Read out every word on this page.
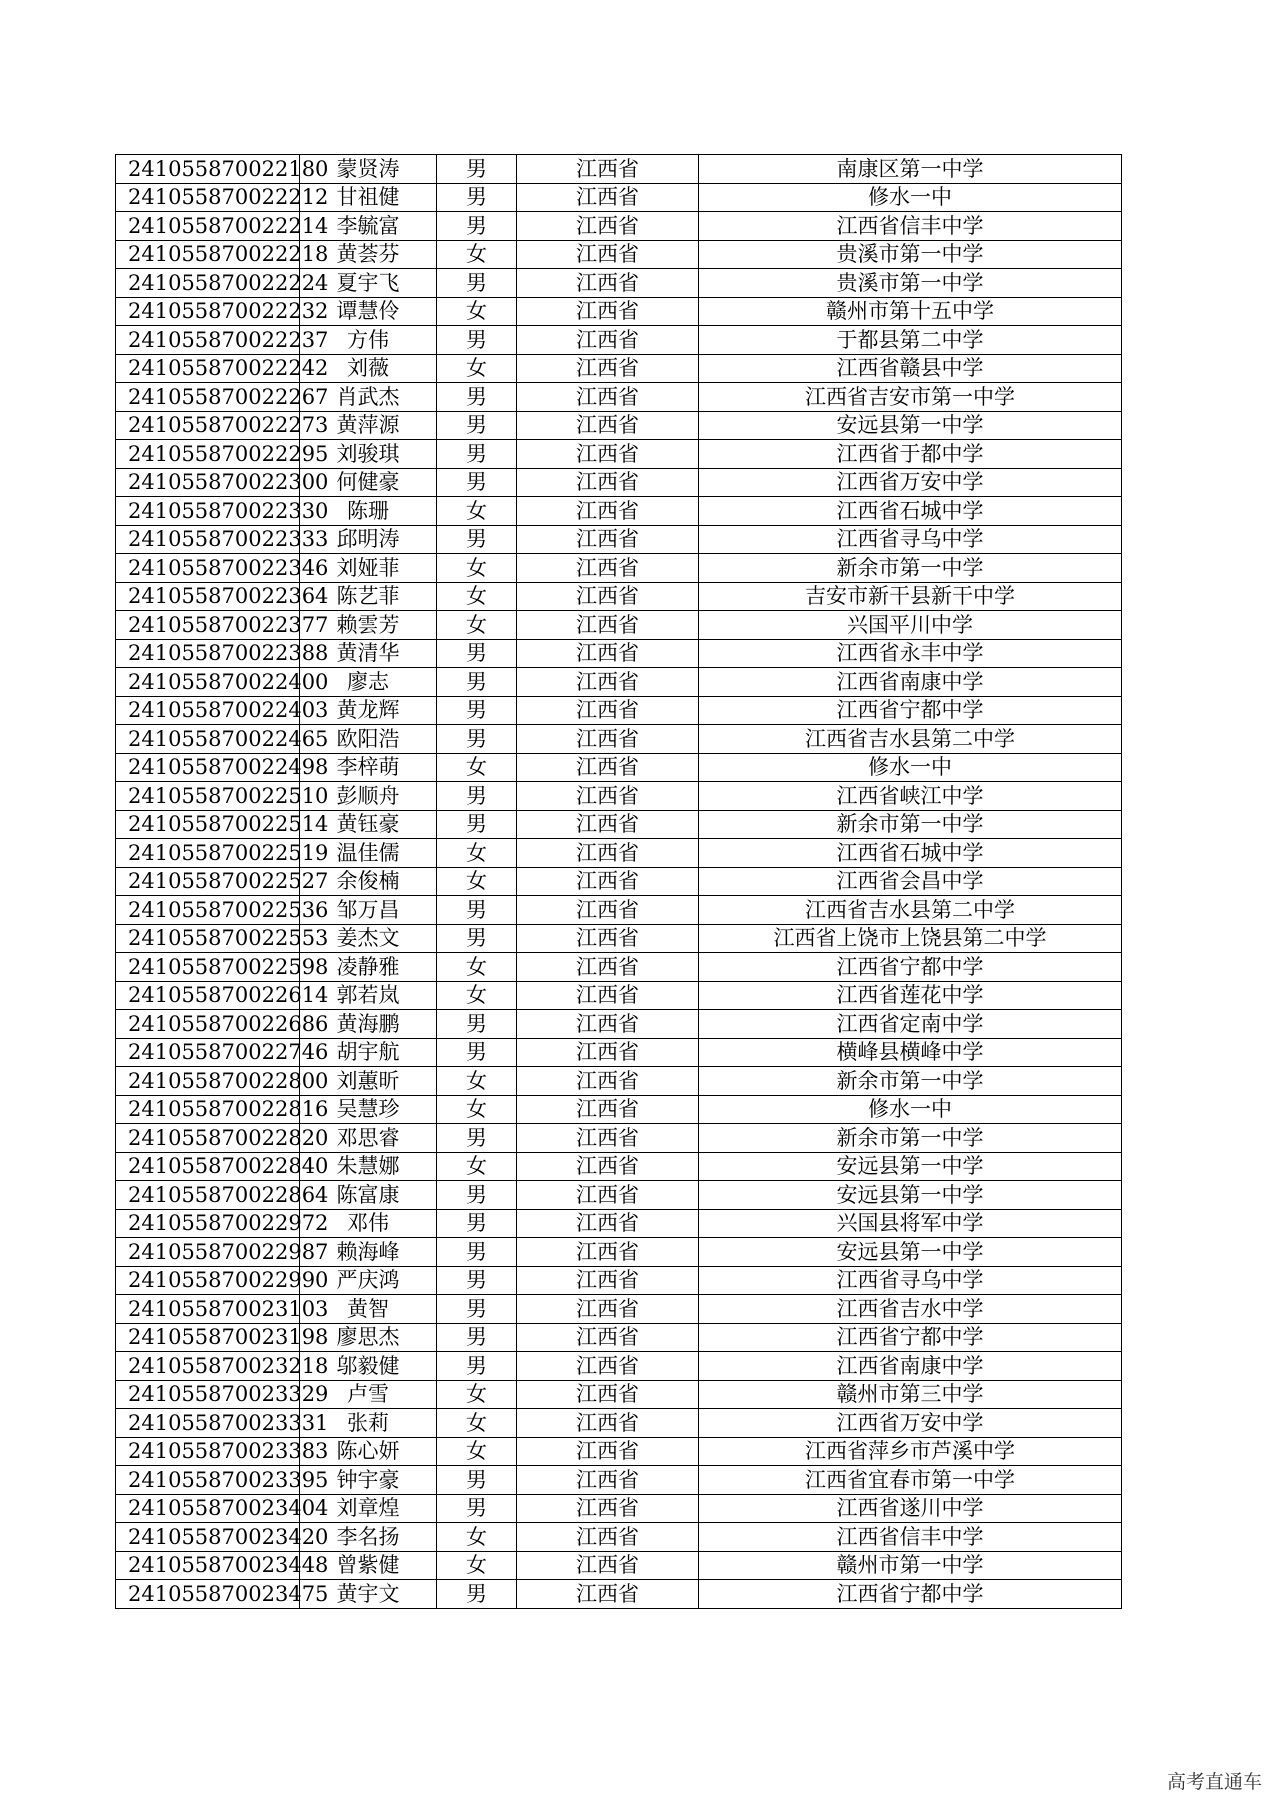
241055870022180	蒙贤涛	男	江西省	南康区第一中学
241055870022212	甘祖健	男	江西省	修水一中
241055870022214	李毓富	男	江西省	江西省信丰中学
241055870022218	黄荟芬	女	江西省	贵溪市第一中学
241055870022224	夏宇飞	男	江西省	贵溪市第一中学
241055870022232	谭慧伶	女	江西省	赣州市第十五中学
241055870022237	方伟	男	江西省	于都县第二中学
241055870022242	刘薇	女	江西省	江西省赣县中学
241055870022267	肖武杰	男	江西省	江西省吉安市第一中学
241055870022273	黄萍源	男	江西省	安远县第一中学
241055870022295	刘骏琪	男	江西省	江西省于都中学
241055870022300	何健豪	男	江西省	江西省万安中学
241055870022330	陈珊	女	江西省	江西省石城中学
241055870022333	邱明涛	男	江西省	江西省寻乌中学
241055870022346	刘娅菲	女	江西省	新余市第一中学
241055870022364	陈艺菲	女	江西省	吉安市新干县新干中学
241055870022377	赖雲芳	女	江西省	兴国平川中学
241055870022388	黄清华	男	江西省	江西省永丰中学
241055870022400	廖志	男	江西省	江西省南康中学
241055870022403	黄龙辉	男	江西省	江西省宁都中学
241055870022465	欧阳浩	男	江西省	江西省吉水县第二中学
241055870022498	李梓萌	女	江西省	修水一中
241055870022510	彭顺舟	男	江西省	江西省峡江中学
241055870022514	黄钰豪	男	江西省	新余市第一中学
241055870022519	温佳儒	女	江西省	江西省石城中学
241055870022527	余俊楠	女	江西省	江西省会昌中学
241055870022536	邹万昌	男	江西省	江西省吉水县第二中学
241055870022553	姜杰文	男	江西省	江西省上饶市上饶县第二中学
241055870022598	凌静雅	女	江西省	江西省宁都中学
241055870022614	郭若岚	女	江西省	江西省莲花中学
241055870022686	黄海鹏	男	江西省	江西省定南中学
241055870022746	胡宇航	男	江西省	横峰县横峰中学
241055870022800	刘蕙昕	女	江西省	新余市第一中学
241055870022816	吴慧珍	女	江西省	修水一中
241055870022820	邓思睿	男	江西省	新余市第一中学
241055870022840	朱慧娜	女	江西省	安远县第一中学
241055870022864	陈富康	男	江西省	安远县第一中学
241055870022972	邓伟	男	江西省	兴国县将军中学
241055870022987	赖海峰	男	江西省	安远县第一中学
241055870022990	严庆鸿	男	江西省	江西省寻乌中学
241055870023103	黄智	男	江西省	江西省吉水中学
241055870023198	廖思杰	男	江西省	江西省宁都中学
241055870023218	邬毅健	男	江西省	江西省南康中学
241055870023329	卢雪	女	江西省	赣州市第三中学
241055870023331	张莉	女	江西省	江西省万安中学
241055870023383	陈心妍	女	江西省	江西省萍乡市芦溪中学
241055870023395	钟宇豪	男	江西省	江西省宜春市第一中学
241055870023404	刘章煌	男	江西省	江西省遂川中学
241055870023420	李名扬	女	江西省	江西省信丰中学
241055870023448	曾紫健	女	江西省	赣州市第一中学
241055870023475	黄宇文	男	江西省	江西省宁都中学
高考直通车
